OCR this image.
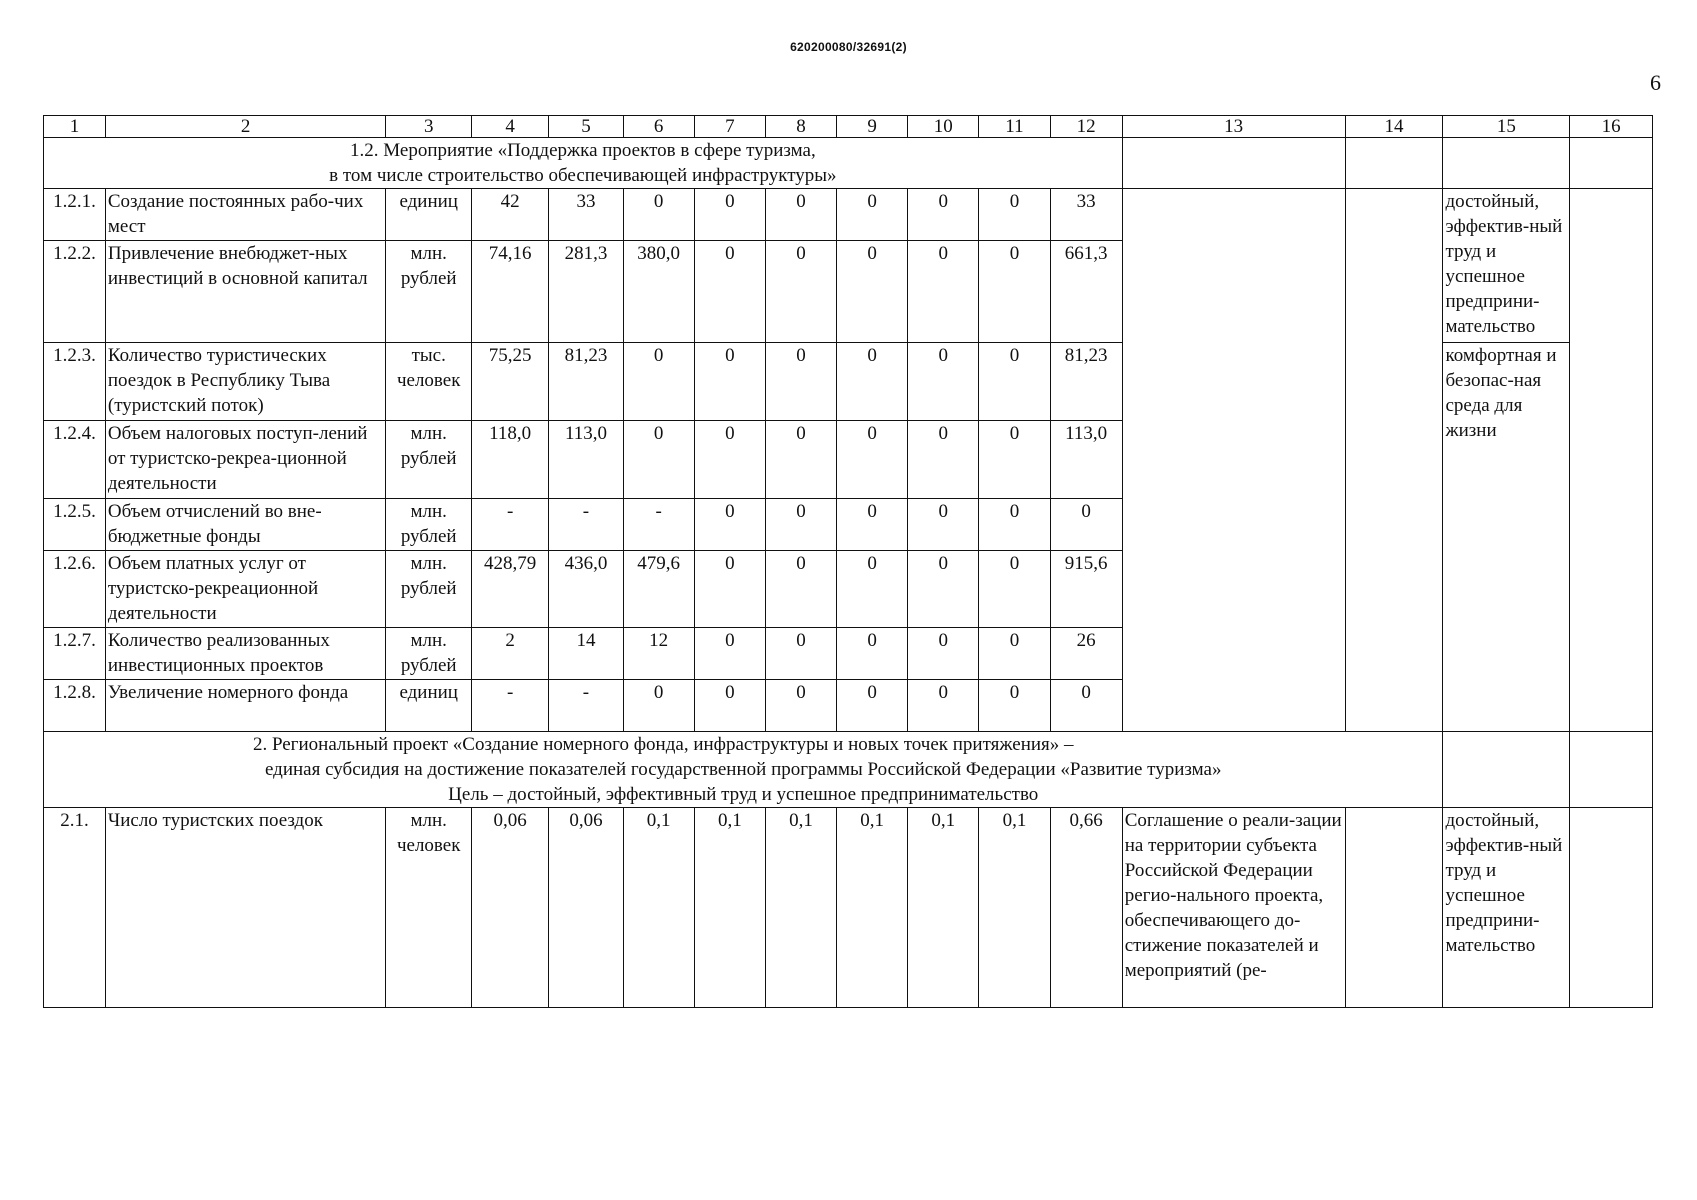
620200080/32691(2)
6
1	2	3	4	5	6	7	8	9	10	11	12	13	14	15	16

1.2. Мероприятие «Поддержка проектов в сфере туризма,
в том числе строительство обеспечивающей инфраструктуры»															

1.2.1.	Создание постоянных рабо-чих мест	единиц	42	33	0	0	0	0	0	0	33			достойный, эффектив-ный труд и успешное предприни-мательство	
1.2.2.	Привлечение внебюджет-ных инвестиций в основной капитал	млн. рублей	74,16	281,3	380,0	0	0	0	0	0	661,3				
1.2.3.	Количество туристических поездок в Республику Тыва (туристский поток)	тыс. человек	75,25	81,23	0	0	0	0	0	0	81,23			комфортная и безопас-ная среда для жизни	
1.2.4.	Объем налоговых поступ-лений от туристско-рекреа-ционной деятельности	млн. рублей	118,0	113,0	0	0	0	0	0	0	113,0				
1.2.5.	Объем отчислений во вне-бюджетные фонды	млн. рублей	-	-	-	0	0	0	0	0	0				
1.2.6.	Объем платных услуг от туристско-рекреационной деятельности	млн. рублей	428,79	436,0	479,6	0	0	0	0	0	915,6				
1.2.7.	Количество реализованных инвестиционных проектов	млн. рублей	2	14	12	0	0	0	0	0	26				
1.2.8.	Увеличение номерного фонда	единиц	-	-	0	0	0	0	0	0	0				

2. Региональный проект «Создание номерного фонда, инфраструктуры и новых точек притяжения» –
единая субсидия на достижение показателей государственной программы Российской Федерации «Развитие туризма»
Цель – достойный, эффективный труд и успешное предпринимательство															

2.1.	Число туристских поездок	млн. человек	0,06	0,06	0,1	0,1	0,1	0,1	0,1	0,1	0,66	Соглашение о реали-зации на территории субъекта Российской Федерации регио-нального проекта, обеспечивающего до-стижение показателей и мероприятий (ре-		достойный, эффектив-ный труд и успешное предприни-мательство	
